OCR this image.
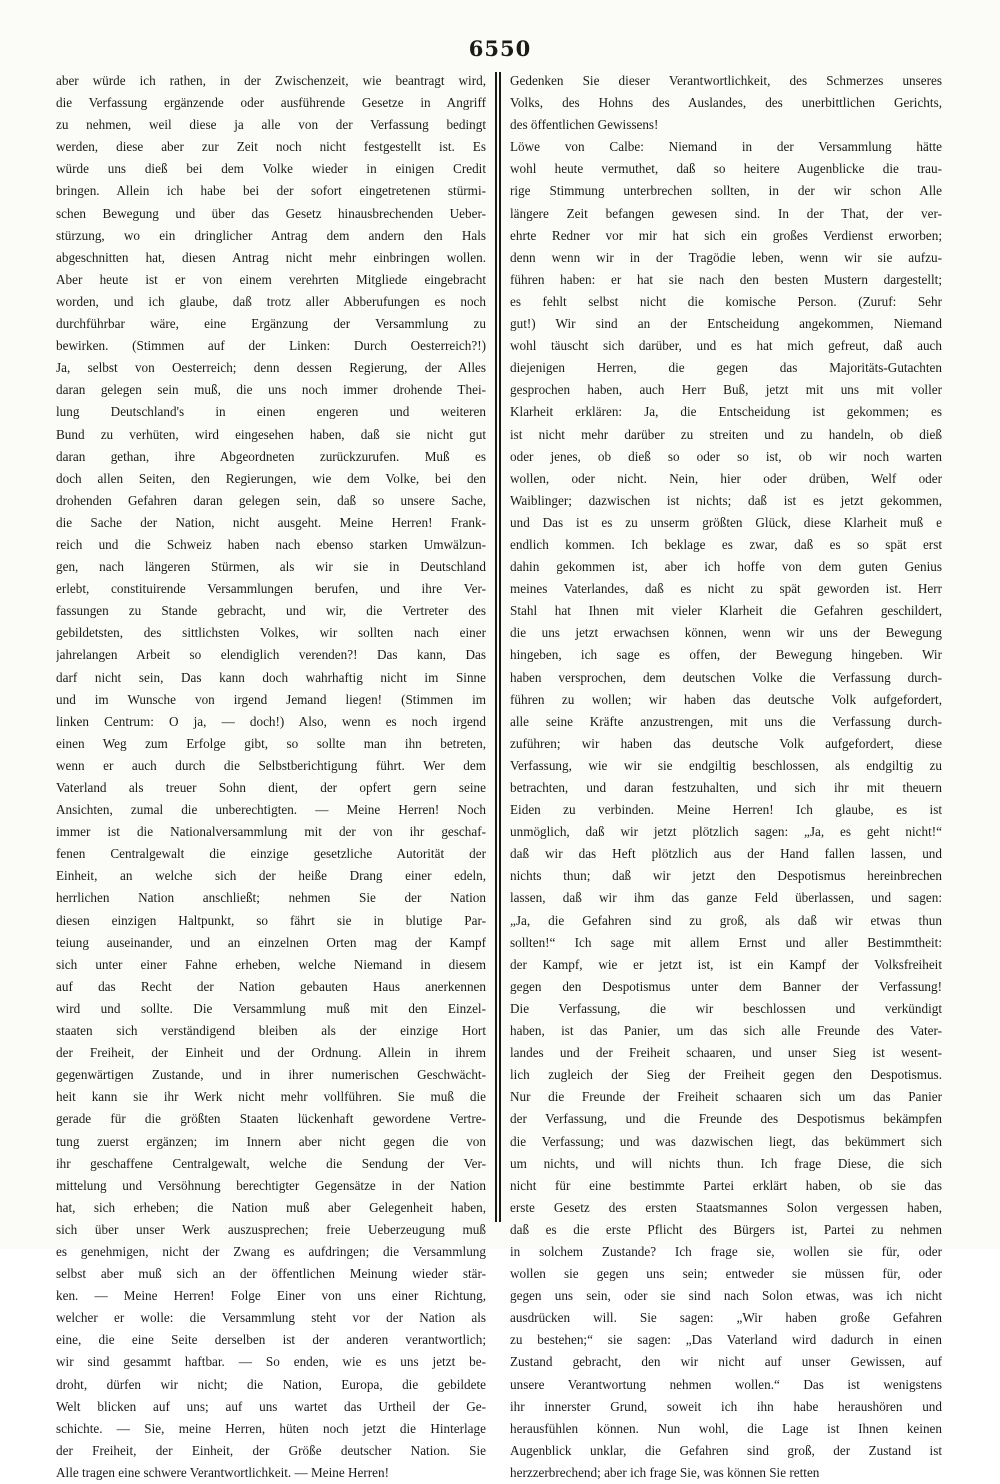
6550
aber würde ich rathen, in der Zwischenzeit, wie beantragt wird,
die Verfassung ergänzende oder ausführende Gesetze in Angriff
zu nehmen, weil diese ja alle von der Verfassung bedingt
werden, diese aber zur Zeit noch nicht festgestellt ist. Es
würde uns dieß bei dem Volke wieder in einigen Credit
bringen. Allein ich habe bei der sofort eingetretenen stürmi-
schen Bewegung und über das Gesetz hinausbrechenden Ueber-
stürzung, wo ein dringlicher Antrag dem andern den Hals
abgeschnitten hat, diesen Antrag nicht mehr einbringen wollen.
Aber heute ist er von einem verehrten Mitgliede eingebracht
worden, und ich glaube, daß trotz aller Abberufungen es noch
durchführbar wäre, eine Ergänzung der Versammlung zu
bewirken. (Stimmen auf der Linken: Durch Oesterreich?!)
Ja, selbst von Oesterreich; denn dessen Regierung, der Alles
daran gelegen sein muß, die uns noch immer drohende Thei-
lung Deutschland's in einen engeren und weiteren
Bund zu verhüten, wird eingesehen haben, daß sie nicht gut
daran gethan, ihre Abgeordneten zurückzurufen. Muß es
doch allen Seiten, den Regierungen, wie dem Volke, bei den
drohenden Gefahren daran gelegen sein, daß so unsere Sache,
die Sache der Nation, nicht ausgeht. Meine Herren! Frank-
reich und die Schweiz haben nach ebenso starken Umwälzun-
gen, nach längeren Stürmen, als wir sie in Deutschland
erlebt, constituirende Versammlungen berufen, und ihre Ver-
fassungen zu Stande gebracht, und wir, die Vertreter des
gebildetsten, des sittlichsten Volkes, wir sollten nach einer
jahrelangen Arbeit so elendiglich verenden?! Das kann, Das
darf nicht sein, Das kann doch wahrhaftig nicht im Sinne
und im Wunsche von irgend Jemand liegen! (Stimmen im
linken Centrum: O ja, — doch!) Also, wenn es noch irgend
einen Weg zum Erfolge gibt, so sollte man ihn betreten,
wenn er auch durch die Selbstberichtigung führt. Wer dem
Vaterland als treuer Sohn dient, der opfert gern seine
Ansichten, zumal die unberechtigten. — Meine Herren! Noch
immer ist die Nationalversammlung mit der von ihr geschaf-
fenen Centralgewalt die einzige gesetzliche Autorität der
Einheit, an welche sich der heiße Drang einer edeln,
herrlichen Nation anschließt; nehmen Sie der Nation
diesen einzigen Haltpunkt, so fährt sie in blutige Par-
teiung auseinander, und an einzelnen Orten mag der Kampf
sich unter einer Fahne erheben, welche Niemand in diesem
auf das Recht der Nation gebauten Haus anerkennen
wird und sollte. Die Versammlung muß mit den Einzel-
staaten sich verständigend bleiben als der einzige Hort
der Freiheit, der Einheit und der Ordnung. Allein in ihrem
gegenwärtigen Zustande, und in ihrer numerischen Geschwächt-
heit kann sie ihr Werk nicht mehr vollführen. Sie muß die
gerade für die größten Staaten lückenhaft gewordene Vertre-
tung zuerst ergänzen; im Innern aber nicht gegen die von
ihr geschaffene Centralgewalt, welche die Sendung der Ver-
mittelung und Versöhnung berechtigter Gegensätze in der Nation
hat, sich erheben; die Nation muß aber Gelegenheit haben,
sich über unser Werk auszusprechen; freie Ueberzeugung muß
es genehmigen, nicht der Zwang es aufdringen; die Versammlung
selbst aber muß sich an der öffentlichen Meinung wieder stär-
ken. — Meine Herren! Folge Einer von uns einer Richtung,
welcher er wolle: die Versammlung steht vor der Nation als
eine, die eine Seite derselben ist der anderen verantwortlich;
wir sind gesammt haftbar. — So enden, wie es uns jetzt be-
droht, dürfen wir nicht; die Nation, Europa, die gebildete
Welt blicken auf uns; auf uns wartet das Urtheil der Ge-
schichte. — Sie, meine Herren, hüten noch jetzt die Hinterlage
der Freiheit, der Einheit, der Größe deutscher Nation. Sie
Alle tragen eine schwere Verantwortlichkeit. — Meine Herren!
Gedenken Sie dieser Verantwortlichkeit, des Schmerzes unseres
Volks, des Hohns des Auslandes, des unerbittlichen Gerichts,
des öffentlichen Gewissens!
Löwe von Calbe: Niemand in der Versammlung hätte
wohl heute vermuthet, daß so heitere Augenblicke die trau-
rige Stimmung unterbrechen sollten, in der wir schon Alle
längere Zeit befangen gewesen sind. In der That, der ver-
ehrte Redner vor mir hat sich ein großes Verdienst erworben;
denn wenn wir in der Tragödie leben, wenn wir sie aufzu-
führen haben: er hat sie nach den besten Mustern dargestellt;
es fehlt selbst nicht die komische Person. (Zuruf: Sehr
gut!) Wir sind an der Entscheidung angekommen, Niemand
wohl täuscht sich darüber, und es hat mich gefreut, daß auch
diejenigen Herren, die gegen das Majoritäts-Gutachten
gesprochen haben, auch Herr Buß, jetzt mit uns mit voller
Klarheit erklären: Ja, die Entscheidung ist gekommen; es
ist nicht mehr darüber zu streiten und zu handeln, ob dieß
oder jenes, ob dieß so oder so ist, ob wir noch warten
wollen, oder nicht. Nein, hier oder drüben, Welf oder
Waiblinger; dazwischen ist nichts; daß ist es jetzt gekommen,
und Das ist es zu unserm größten Glück, diese Klarheit muß e
endlich kommen. Ich beklage es zwar, daß es so spät erst
dahin gekommen ist, aber ich hoffe von dem guten Genius
meines Vaterlandes, daß es nicht zu spät geworden ist. Herr
Stahl hat Ihnen mit vieler Klarheit die Gefahren geschildert,
die uns jetzt erwachsen können, wenn wir uns der Bewegung
hingeben, ich sage es offen, der Bewegung hingeben. Wir
haben versprochen, dem deutschen Volke die Verfassung durch-
führen zu wollen; wir haben das deutsche Volk aufgefordert,
alle seine Kräfte anzustrengen, mit uns die Verfassung durch-
zuführen; wir haben das deutsche Volk aufgefordert, diese
Verfassung, wie wir sie endgiltig beschlossen, als endgiltig zu
betrachten, und daran festzuhalten, und sich ihr mit theuern
Eiden zu verbinden. Meine Herren! Ich glaube, es ist
unmöglich, daß wir jetzt plötzlich sagen: „Ja, es geht nicht!“
daß wir das Heft plötzlich aus der Hand fallen lassen, und
nichts thun; daß wir jetzt den Despotismus hereinbrechen
lassen, daß wir ihm das ganze Feld überlassen, und sagen:
„Ja, die Gefahren sind zu groß, als daß wir etwas thun
sollten!“ Ich sage mit allem Ernst und aller Bestimmtheit:
der Kampf, wie er jetzt ist, ist ein Kampf der Volksfreiheit
gegen den Despotismus unter dem Banner der Verfassung!
Die Verfassung, die wir beschlossen und verkündigt
haben, ist das Panier, um das sich alle Freunde des Vater-
landes und der Freiheit schaaren, und unser Sieg ist wesent-
lich zugleich der Sieg der Freiheit gegen den Despotismus.
Nur die Freunde der Freiheit schaaren sich um das Panier
der Verfassung, und die Freunde des Despotismus bekämpfen
die Verfassung; und was dazwischen liegt, das bekümmert sich
um nichts, und will nichts thun. Ich frage Diese, die sich
nicht für eine bestimmte Partei erklärt haben, ob sie das
erste Gesetz des ersten Staatsmannes Solon vergessen haben,
daß es die erste Pflicht des Bürgers ist, Partei zu nehmen
in solchem Zustande? Ich frage sie, wollen sie für, oder
wollen sie gegen uns sein; entweder sie müssen für, oder
gegen uns sein, oder sie sind nach Solon etwas, was ich nicht
ausdrücken will. Sie sagen: „Wir haben große Gefahren
zu bestehen;“ sie sagen: „Das Vaterland wird dadurch in einen
Zustand gebracht, den wir nicht auf unser Gewissen, auf
unsere Verantwortung nehmen wollen.“ Das ist wenigstens
ihr innerster Grund, soweit ich ihn habe heraushören und
herausfühlen können. Nun wohl, die Lage ist Ihnen keinen
Augenblick unklar, die Gefahren sind groß, der Zustand ist
herzzerbrechend; aber ich frage Sie, was können Sie retten
